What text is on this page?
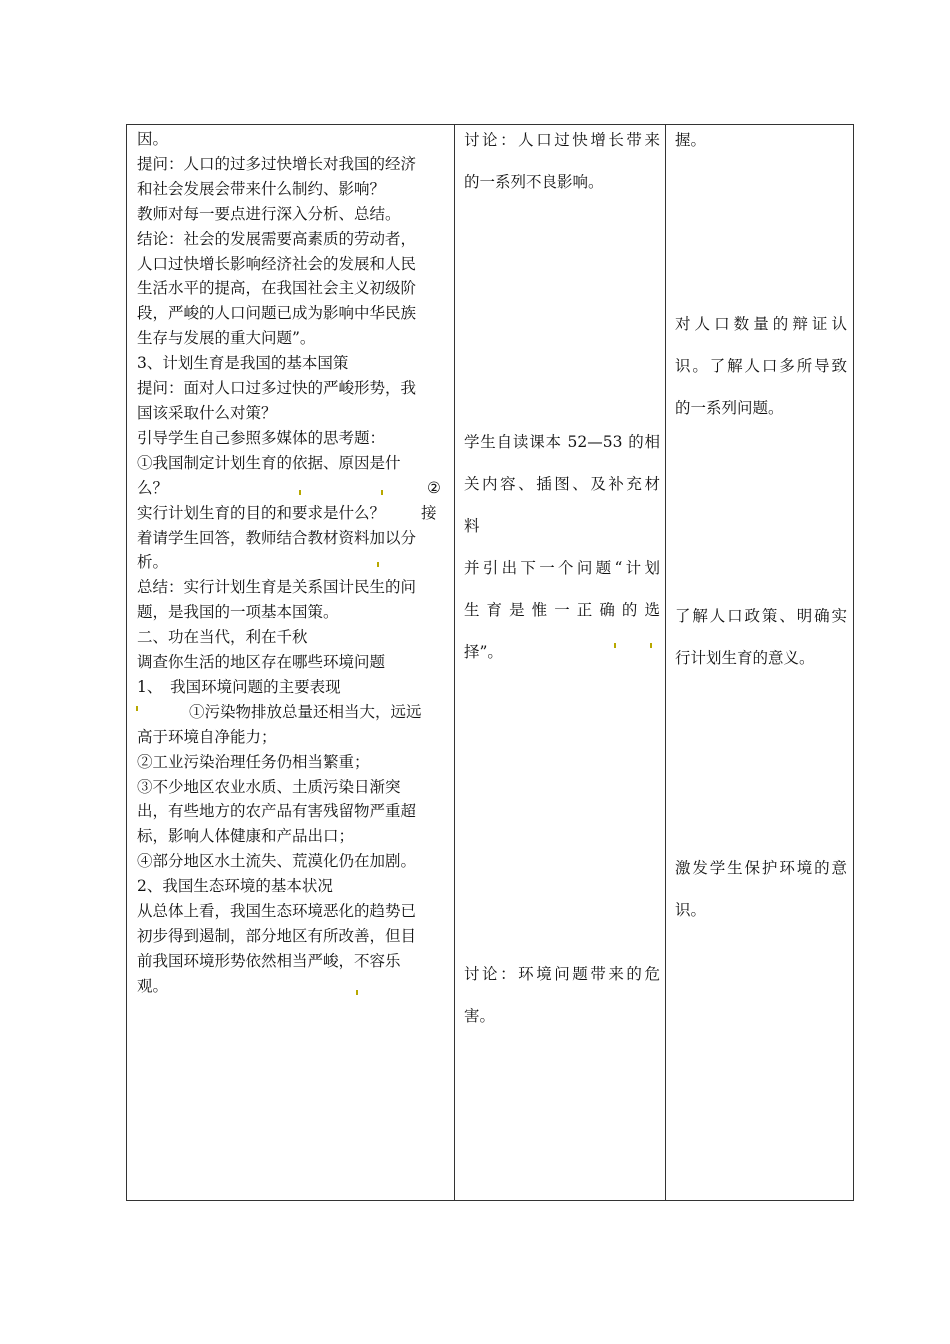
因。
提问：人口的过多过快增长对我国的经济
和社会发展会带来什么制约、影响？
教师对每一要点进行深入分析、总结。
结论：社会的发展需要高素质的劳动者，
人口过快增长影响经济社会的发展和人民
生活水平的提高，在我国社会主义初级阶
段，严峻的人口问题已成为影响中华民族
生存与发展的重大问题”。
3、计划生育是我国的基本国策
提问：面对人口过多过快的严峻形势，我
国该采取什么对策？
引导学生自己参照多媒体的思考题：
①我国制定计划生育的依据、原因是什
么？	②
实行计划生育的目的和要求是什么？ 接
着请学生回答，教师结合教材资料加以分
析。
总结：实行计划生育是关系国计民生的问
题，是我国的一项基本国策。
二、功在当代，利在千秋
调查你生活的地区存在哪些环境问题
1、　我国环境问题的主要表现
①污染物排放总量还相当大，远远
高于环境自净能力；
②工业污染治理任务仍相当繁重；
③不少地区农业水质、土质污染日渐突
出，有些地方的农产品有害残留物严重超
标，影响人体健康和产品出口；
④部分地区水土流失、荒漠化仍在加剧。
2、我国生态环境的基本状况
从总体上看，我国生态环境恶化的趋势已
初步得到遏制，部分地区有所改善，但目
前我国环境形势依然相当严峻，不容乐
观。
讨论：人口过快增长带来
的一系列不良影响。
学生自读课本 52—53 的相
关内容、插图、及补充材
料
并引出下一个问题“计划
生育是惟一正确的选
择”。
讨论：环境问题带来的危
害。
握。
对人口数量的辩证认
识。了解人口多所导致
的一系列问题。
了解人口政策、明确实
行计划生育的意义。
激发学生保护环境的意
识。
